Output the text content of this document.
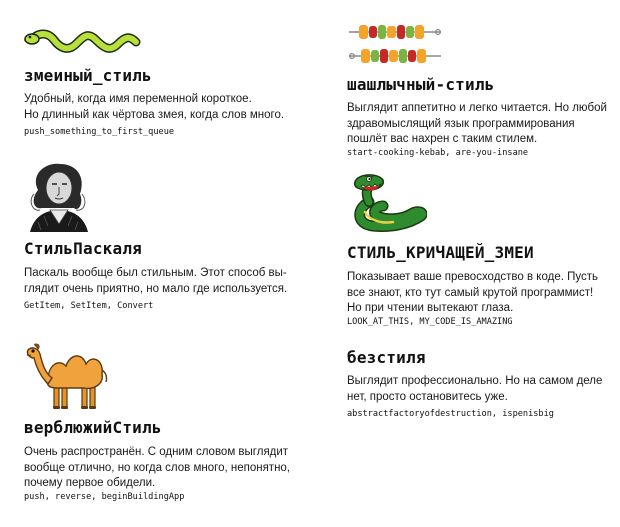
змеиный_стиль
Удобный, когда имя переменной короткое.
Но длинный как чёртова змея, когда слов много.
push_something_to_first_queue
СтильПаскаля
Паскаль вообще был стильным. Этот способ вы-
глядит очень приятно, но мало где используется.
GetItem, SetItem, Convert
верблюжийСтиль
Очень распространён. С одним словом выглядит
вообще отлично, но когда слов много, непонятно,
почему первое обидели.
push, reverse, beginBuildingApp
шашлычный-стиль
Выглядит аппетитно и легко читается. Но любой
здравомыслящий язык программирования
пошлёт вас нахрен с таким стилем.
start-cooking-kebab, are-you-insane
СТИЛЬ_КРИЧАЩЕЙ_ЗМЕИ
Показывает ваше превосходство в коде. Пусть
все знают, кто тут самый крутой программист!
Но при чтении вытекают глаза.
LOOK_AT_THIS, MY_CODE_IS_AMAZING
безстиля
Выглядит профессионально. Но на самом деле
нет, просто остановитесь уже.
abstractfactoryofdestruction, ispenisbig
